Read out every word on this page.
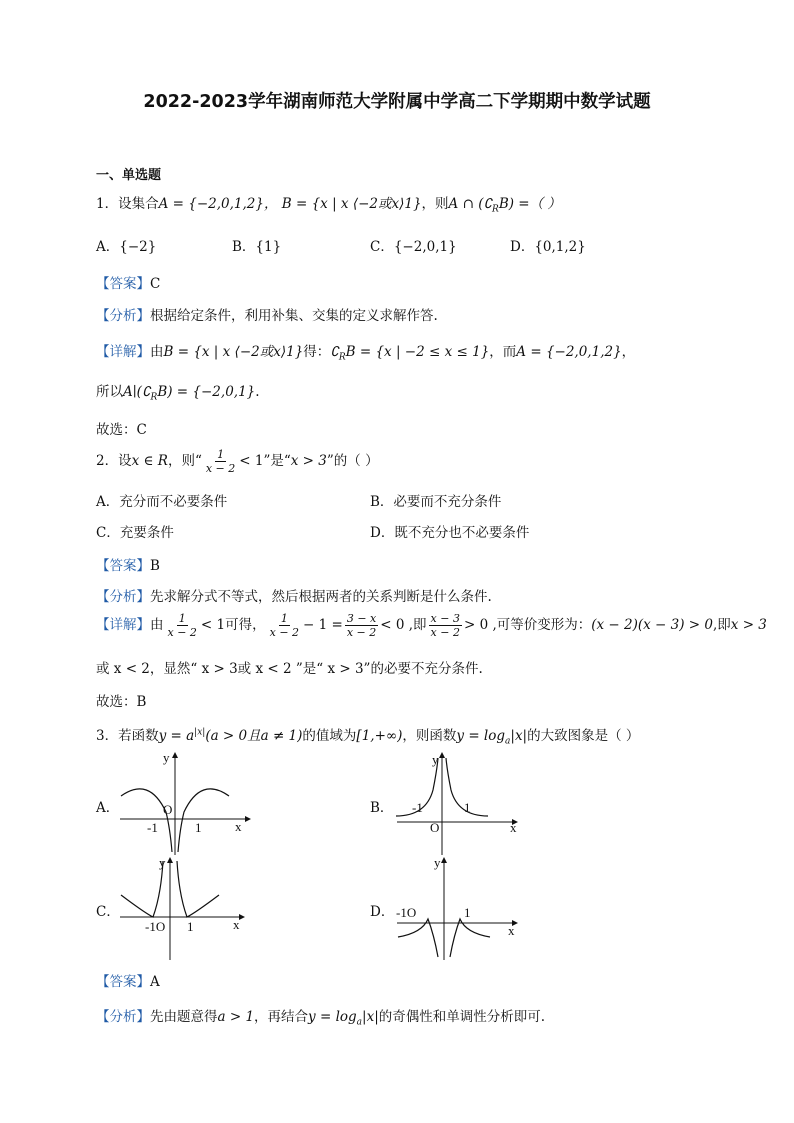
2022-2023学年湖南师范大学附属中学高二下学期期中数学试题
一、单选题
1．设集合A = {−2,0,1,2}， B = {x | x ⟨−2或x⟩1}，则A ∩ $(∁_RB)$ =（ ）
A．{−2}	B．{1}	C．{−2,0,1}	D．{0,1,2}
【答案】C
【分析】根据给定条件，利用补集、交集的定义求解作答.
【详解】由B = {x | x ⟨−2或x⟩1}得：$∁_RB = \{x$ | −2 ≤ x ≤ 1}，而A = {−2,0,1,2}，
所以$A∣(∁_RB) = \{-2,0,1\}$.
故选：C
2．设x ∈ R，则“ $\frac{1}{x - 2} < 1$”是“x > 3”的（ ）
A．充分而不必要条件	B．必要而不充分条件
C．充要条件	D．既不充分也不必要条件
【答案】B
【分析】先求解分式不等式，然后根据两者的关系判断是什么条件.
【详解】由 $\frac{1}{x - 2} < 1$可得， $\frac{1}{x - 2} - 1 = \frac{3 - x}{x - 2} < 0$ ,即 $\frac{x - 3}{x - 2} > 0$ ,可等价变形为：(x − 2)(x − 3) > 0,即x > 3
或 x < 2，显然“ x > 3或 x < 2 ”是“ x > 3”的必要不充分条件.
故选：B
3．若函数$y = a^{|x|}(a > 0$且a ≠ 1)的值域为[1,+∞)，则函数$y = \log_a|x|$的大致图象是（ ）
A．	B．
C．	D．
y
x
O
-1	1
y
x
O
-1	1
y
x
-1O 1
y
x
-1O	1
【答案】A
【分析】先由题意得a > 1，再结合$y = \log_a|x|$的奇偶性和单调性分析即可.
